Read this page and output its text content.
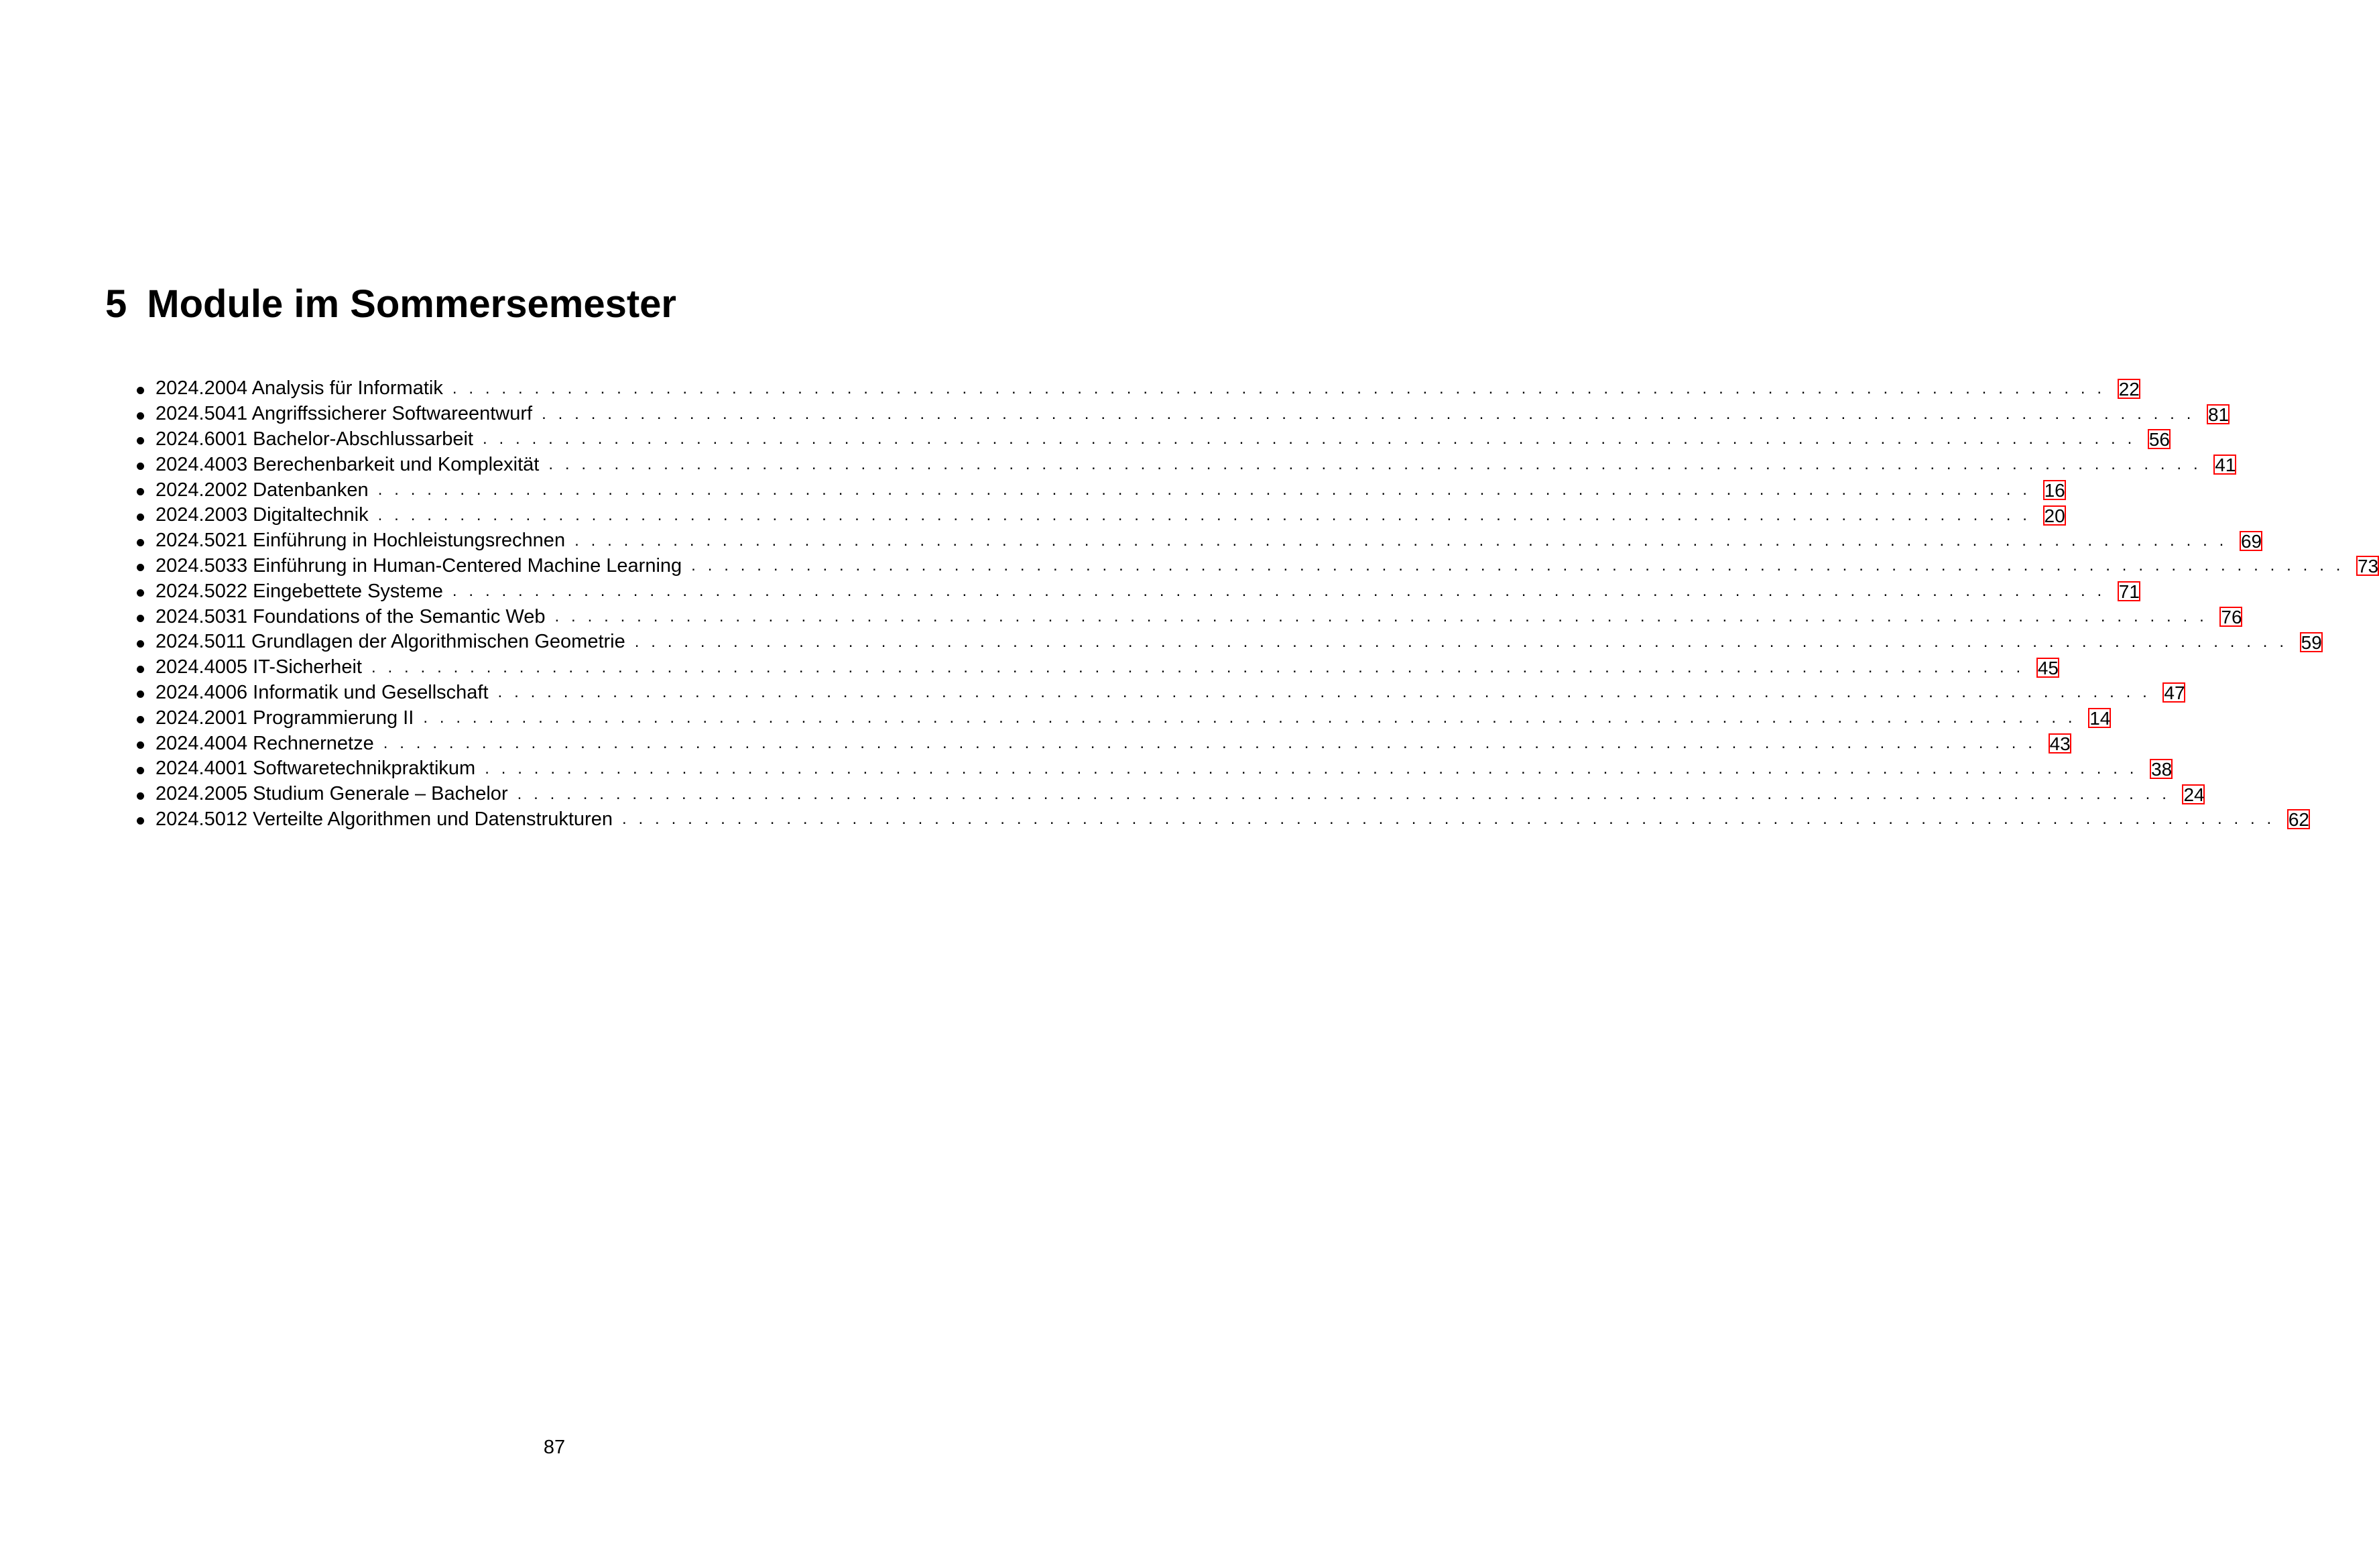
5 Module im Sommersemester
2024.2004 Analysis für Informatik . . . . . . . . . . . . . . . . . . . . . . . . . . . . . . . . . . . . . . . . . . . . . . . . . . . . . . . . . . . . . . . . . . . . . . . . . . . . . . . . . . . . . . . . . . . . . . . . . . . . . 22
2024.5041 Angriffssicherer Softwareentwurf . . . . . . . . . . . . . . . . . . . . . . . . . . . . . . . . . . . . . . . . . . . . . . . . . . . . . . . . . . . . . . . . . . . . . . . . . . . . . . . . . . . . . . . . . . . . . . . . . . . . . 81
2024.6001 Bachelor-Abschlussarbeit . . . . . . . . . . . . . . . . . . . . . . . . . . . . . . . . . . . . . . . . . . . . . . . . . . . . . . . . . . . . . . . . . . . . . . . . . . . . . . . . . . . . . . . . . . . . . . . . . . . . . 56
2024.4003 Berechenbarkeit und Komplexität . . . . . . . . . . . . . . . . . . . . . . . . . . . . . . . . . . . . . . . . . . . . . . . . . . . . . . . . . . . . . . . . . . . . . . . . . . . . . . . . . . . . . . . . . . . . . . . . . . . . . 41
2024.2002 Datenbanken . . . . . . . . . . . . . . . . . . . . . . . . . . . . . . . . . . . . . . . . . . . . . . . . . . . . . . . . . . . . . . . . . . . . . . . . . . . . . . . . . . . . . . . . . . . . . . . . . . . . . 16
2024.2003 Digitaltechnik . . . . . . . . . . . . . . . . . . . . . . . . . . . . . . . . . . . . . . . . . . . . . . . . . . . . . . . . . . . . . . . . . . . . . . . . . . . . . . . . . . . . . . . . . . . . . . . . . . . . . 20
2024.5021 Einführung in Hochleistungsrechnen . . . . . . . . . . . . . . . . . . . . . . . . . . . . . . . . . . . . . . . . . . . . . . . . . . . . . . . . . . . . . . . . . . . . . . . . . . . . . . . . . . . . . . . . . . . . . . . . . . . . . 69
2024.5033 Einführung in Human-Centered Machine Learning . . . . . . . . . . . . . . . . . . . . . . . . . . . . . . . . . . . . . . . . . . . . . . . . . . . . . . . . . . . . . . . . . . . . . . . . . . . . . . . . . . . . . . . . . . . . . . . . . . . . . 73
2024.5022 Eingebettete Systeme . . . . . . . . . . . . . . . . . . . . . . . . . . . . . . . . . . . . . . . . . . . . . . . . . . . . . . . . . . . . . . . . . . . . . . . . . . . . . . . . . . . . . . . . . . . . . . . . . . . . . 71
2024.5031 Foundations of the Semantic Web . . . . . . . . . . . . . . . . . . . . . . . . . . . . . . . . . . . . . . . . . . . . . . . . . . . . . . . . . . . . . . . . . . . . . . . . . . . . . . . . . . . . . . . . . . . . . . . . . . . . . 76
2024.5011 Grundlagen der Algorithmischen Geometrie . . . . . . . . . . . . . . . . . . . . . . . . . . . . . . . . . . . . . . . . . . . . . . . . . . . . . . . . . . . . . . . . . . . . . . . . . . . . . . . . . . . . . . . . . . . . . . . . . . . . . 59
2024.4005 IT-Sicherheit . . . . . . . . . . . . . . . . . . . . . . . . . . . . . . . . . . . . . . . . . . . . . . . . . . . . . . . . . . . . . . . . . . . . . . . . . . . . . . . . . . . . . . . . . . . . . . . . . . . . . 45
2024.4006 Informatik und Gesellschaft . . . . . . . . . . . . . . . . . . . . . . . . . . . . . . . . . . . . . . . . . . . . . . . . . . . . . . . . . . . . . . . . . . . . . . . . . . . . . . . . . . . . . . . . . . . . . . . . . . . . . 47
2024.2001 Programmierung II . . . . . . . . . . . . . . . . . . . . . . . . . . . . . . . . . . . . . . . . . . . . . . . . . . . . . . . . . . . . . . . . . . . . . . . . . . . . . . . . . . . . . . . . . . . . . . . . . . . . . 14
2024.4004 Rechnernetze . . . . . . . . . . . . . . . . . . . . . . . . . . . . . . . . . . . . . . . . . . . . . . . . . . . . . . . . . . . . . . . . . . . . . . . . . . . . . . . . . . . . . . . . . . . . . . . . . . . . . 43
2024.4001 Softwaretechnikpraktikum . . . . . . . . . . . . . . . . . . . . . . . . . . . . . . . . . . . . . . . . . . . . . . . . . . . . . . . . . . . . . . . . . . . . . . . . . . . . . . . . . . . . . . . . . . . . . . . . . . . . . 38
2024.2005 Studium Generale – Bachelor . . . . . . . . . . . . . . . . . . . . . . . . . . . . . . . . . . . . . . . . . . . . . . . . . . . . . . . . . . . . . . . . . . . . . . . . . . . . . . . . . . . . . . . . . . . . . . . . . . . . . 24
2024.5012 Verteilte Algorithmen und Datenstrukturen . . . . . . . . . . . . . . . . . . . . . . . . . . . . . . . . . . . . . . . . . . . . . . . . . . . . . . . . . . . . . . . . . . . . . . . . . . . . . . . . . . . . . . . . . . . . . . . . . . . . . 62
87
